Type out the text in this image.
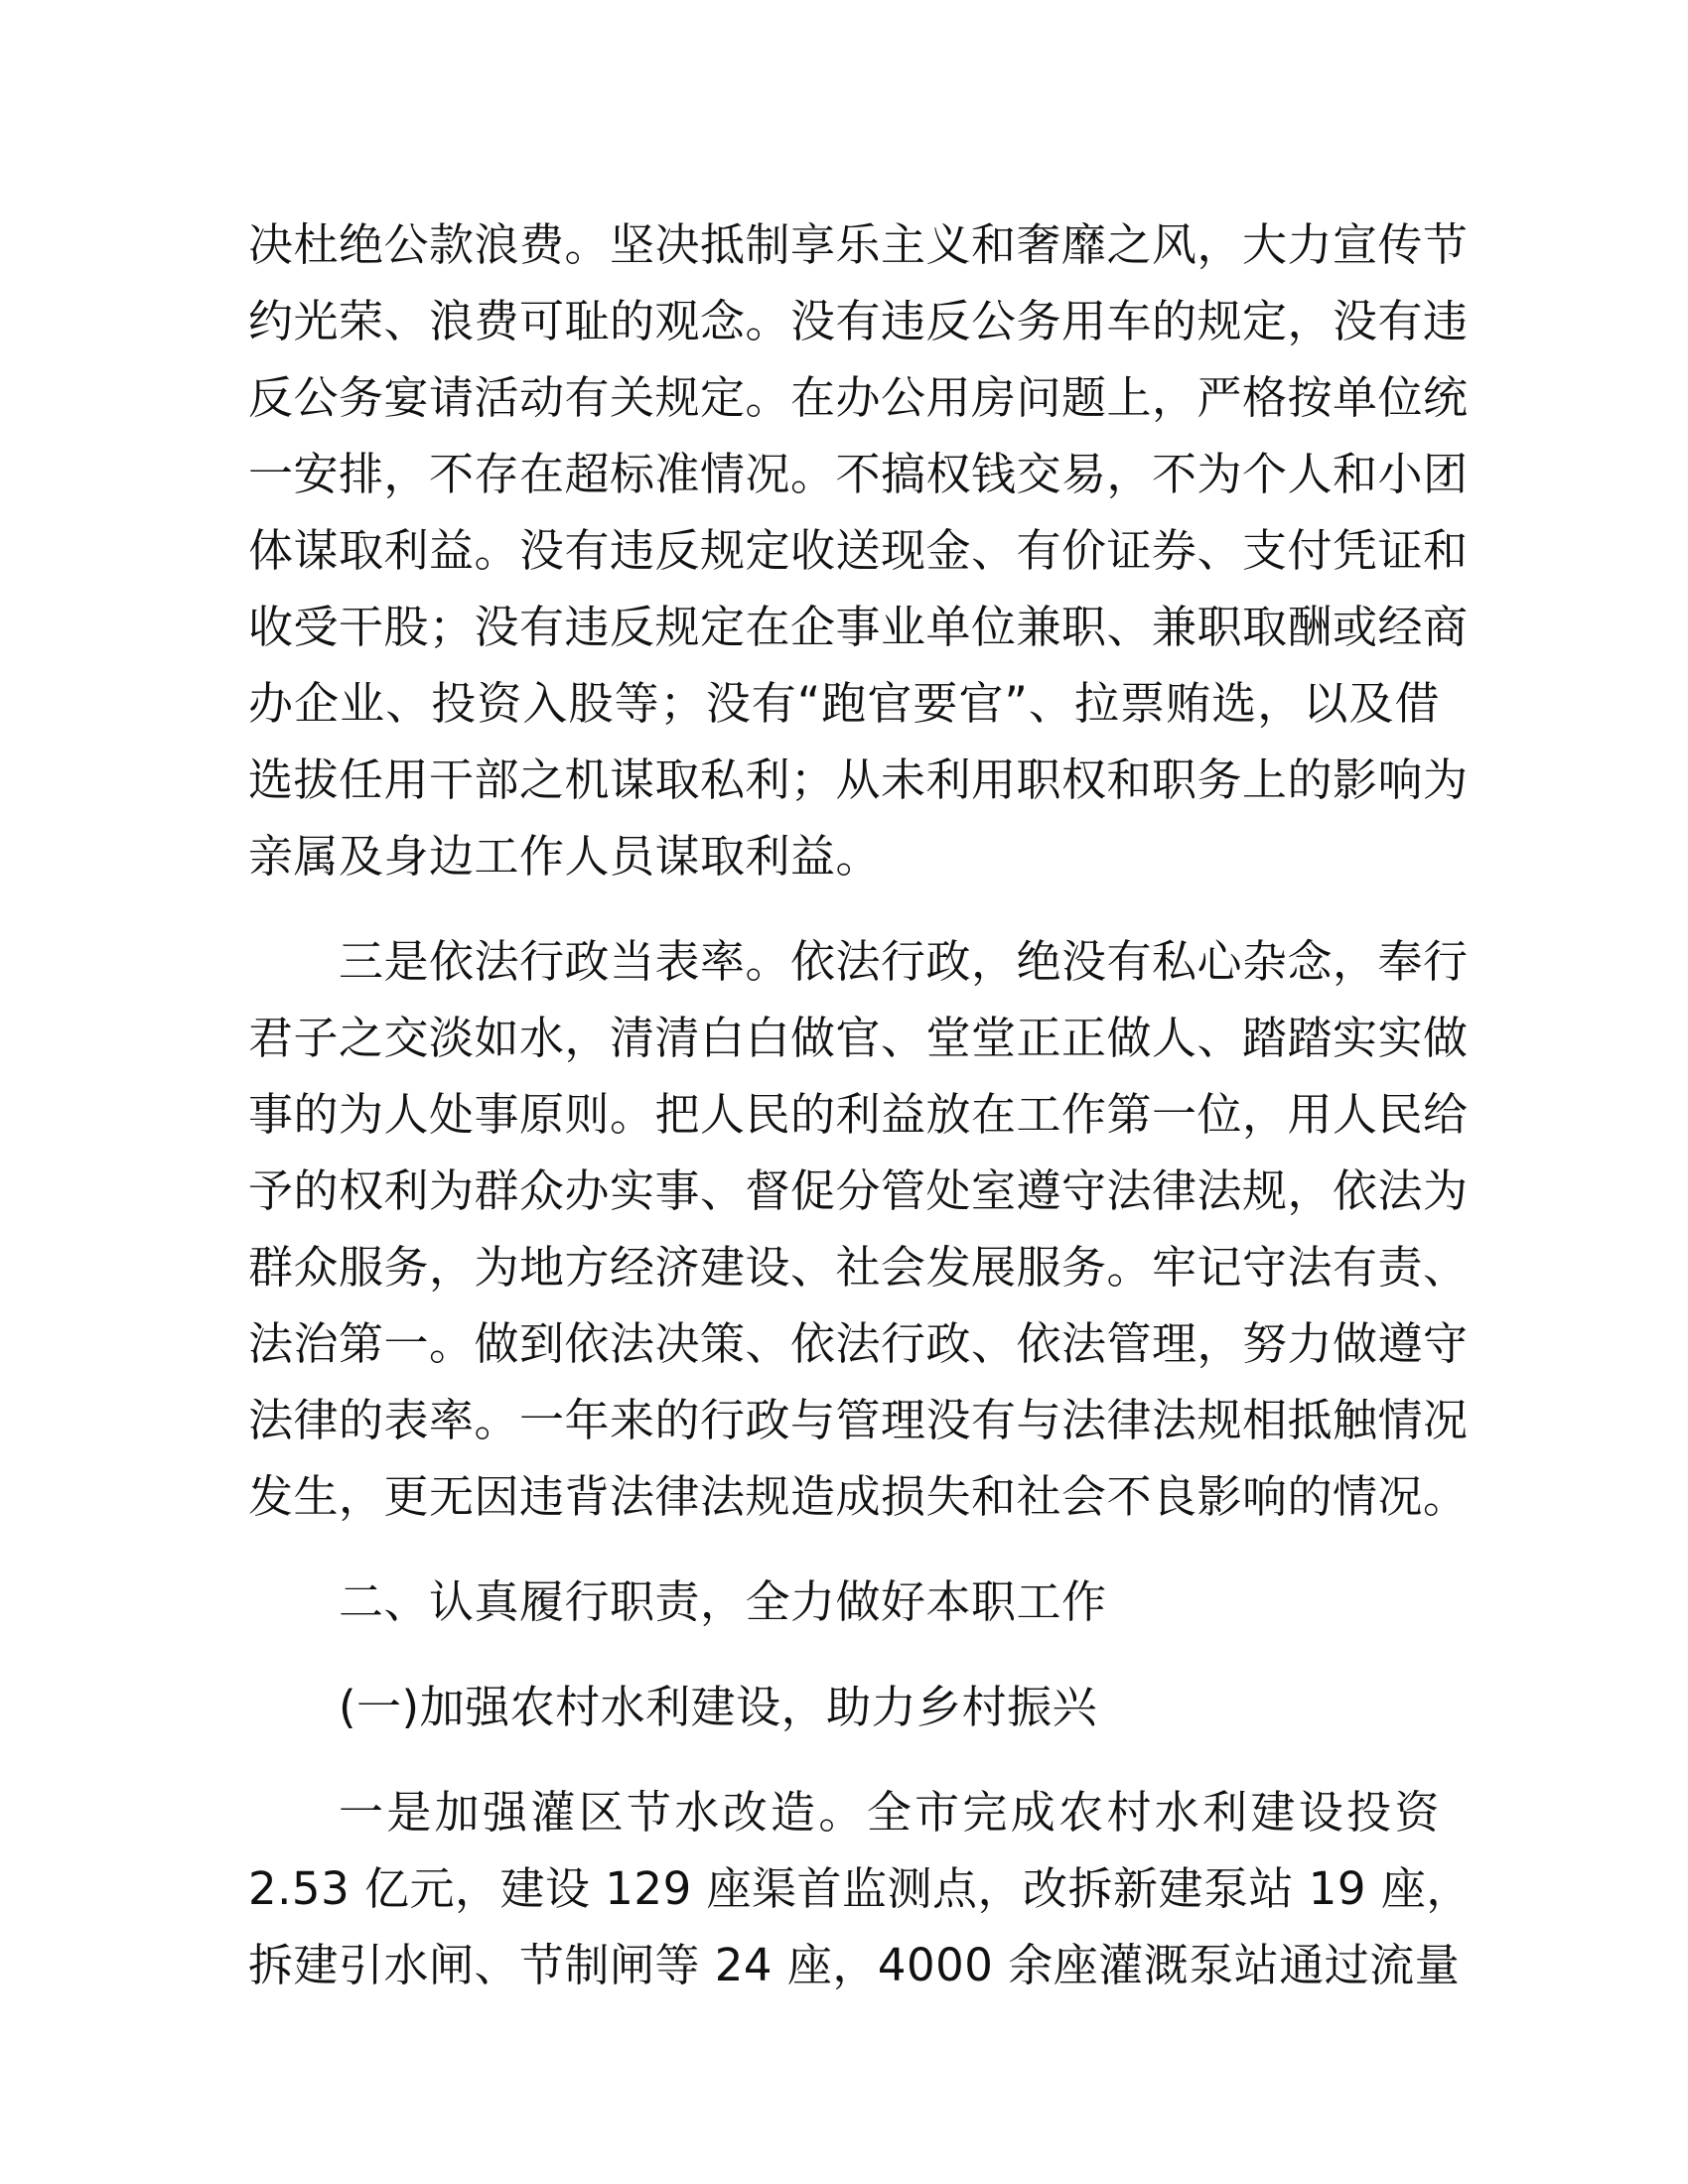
决杜绝公款浪费。坚决抵制享乐主义和奢靡之风，大力宣传节
约光荣、浪费可耻的观念。没有违反公务用车的规定，没有违
反公务宴请活动有关规定。在办公用房问题上，严格按单位统
一安排，不存在超标准情况。不搞权钱交易，不为个人和小团
体谋取利益。没有违反规定收送现金、有价证券、支付凭证和
收受干股；没有违反规定在企事业单位兼职、兼职取酬或经商
办企业、投资入股等；没有“跑官要官”、拉票贿选，以及借
选拔任用干部之机谋取私利；从未利用职权和职务上的影响为
亲属及身边工作人员谋取利益。

三是依法行政当表率。依法行政，绝没有私心杂念，奉行
君子之交淡如水，清清白白做官、堂堂正正做人、踏踏实实做
事的为人处事原则。把人民的利益放在工作第一位，用人民给
予的权利为群众办实事、督促分管处室遵守法律法规，依法为
群众服务，为地方经济建设、社会发展服务。牢记守法有责、
法治第一。做到依法决策、依法行政、依法管理，努力做遵守
法律的表率。一年来的行政与管理没有与法律法规相抵触情况
发生，更无因违背法律法规造成损失和社会不良影响的情况。

二、认真履行职责，全力做好本职工作

(一)加强农村水利建设，助力乡村振兴

一是加强灌区节水改造。全市完成农村水利建设投资
2.53 亿元，建设 129 座渠首监测点，改拆新建泵站 19 座，
拆建引水闸、节制闸等 24 座，4000 余座灌溉泵站通过流量
